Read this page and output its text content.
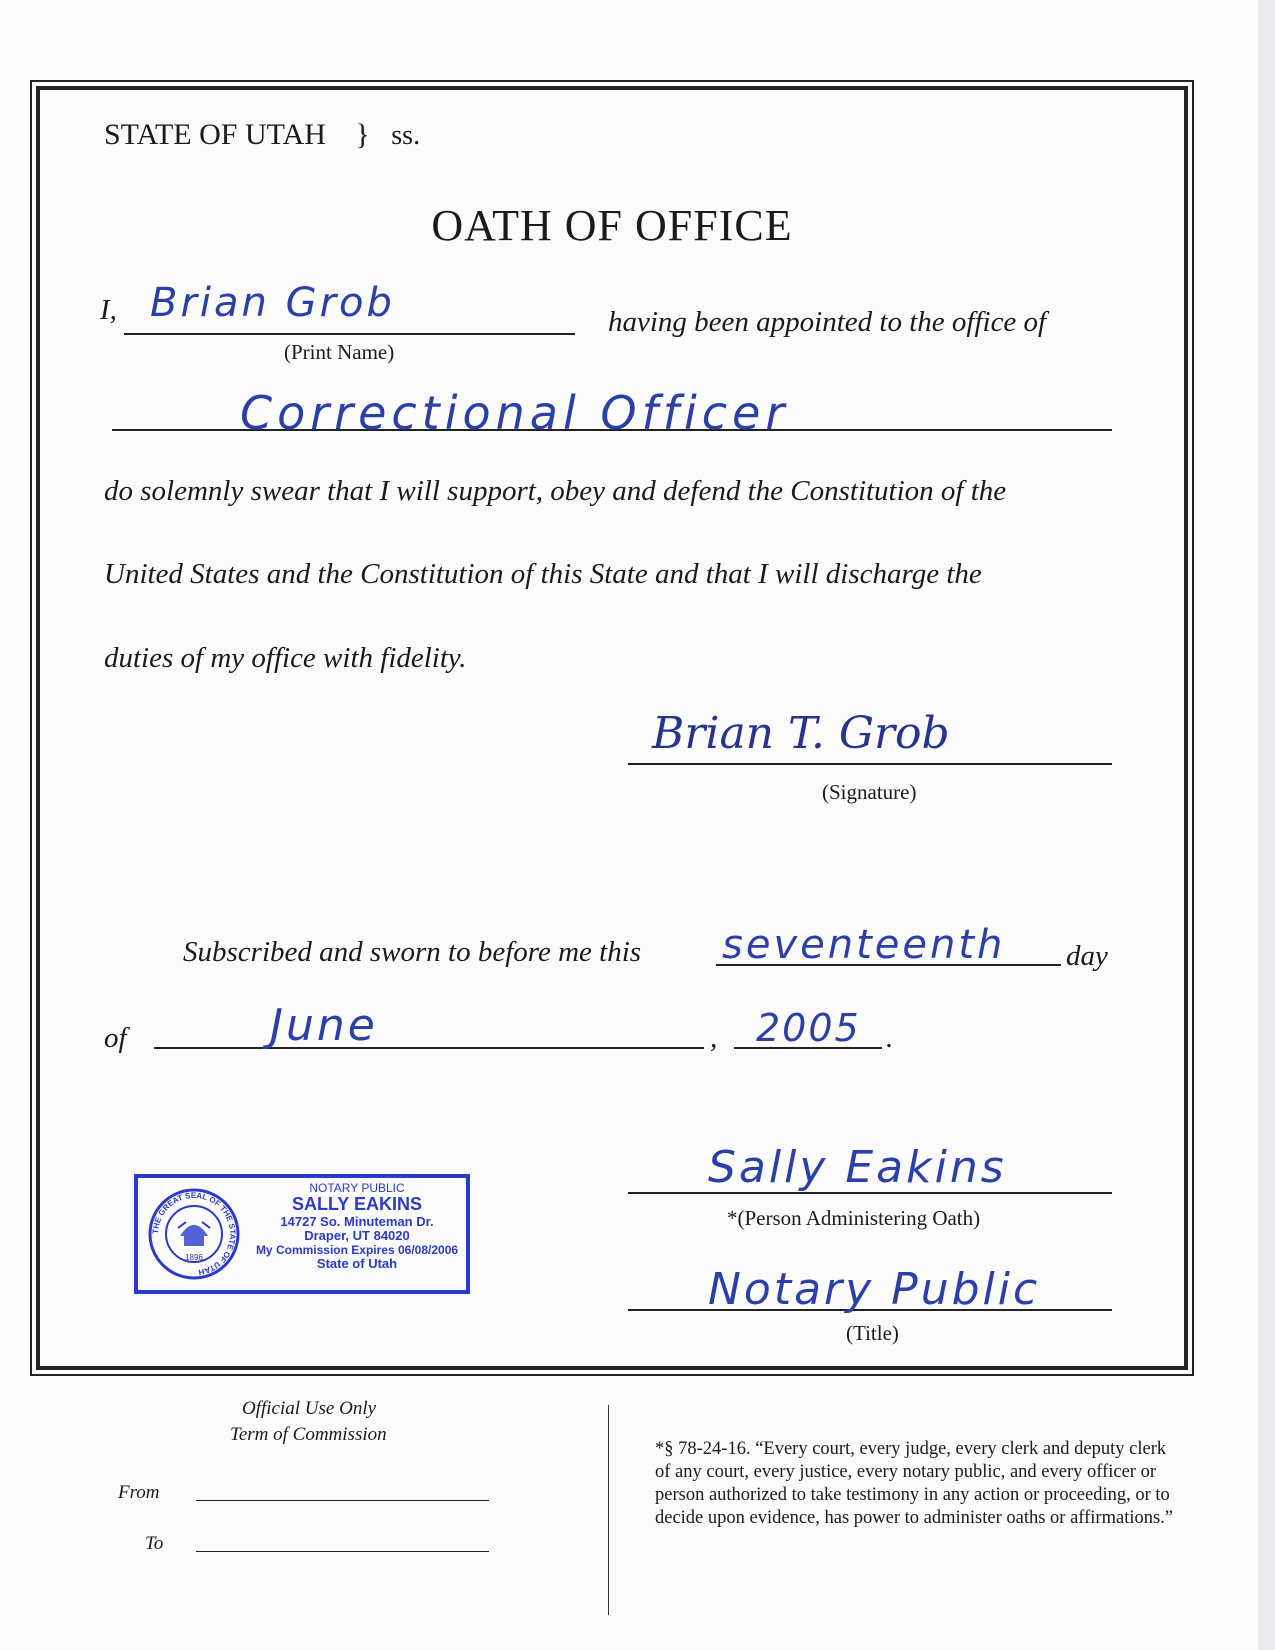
STATE OF UTAH } ss.
OATH OF OFFICE
I, Brian Grob
(Print Name)
having been appointed to the office of
Correctional Officer
do solemnly swear that I will support, obey and defend the Constitution of the
United States and the Constitution of this State and that I will discharge the
duties of my office with fidelity.
Brian T. Grob
(Signature)
Subscribed and sworn to before me this seventeenth day
of	June	, 2005 .
THE GREAT SEAL OF THE STATE OF UTAH
1896
NOTARY PUBLIC
SALLY EAKINS
14727 So. Minuteman Dr.
Draper, UT 84020
My Commission Expires 06/08/2006
State of Utah
Sally Eakins
*(Person Administering Oath)
Notary Public
(Title)
Official Use Only
Term of Commission
From
To
*§ 78-24-16. “Every court, every judge, every clerk and deputy clerk of any court, every justice, every notary public, and every officer or person authorized to take testimony in any action or proceeding, or to decide upon evidence, has power to administer oaths or affirmations.”
